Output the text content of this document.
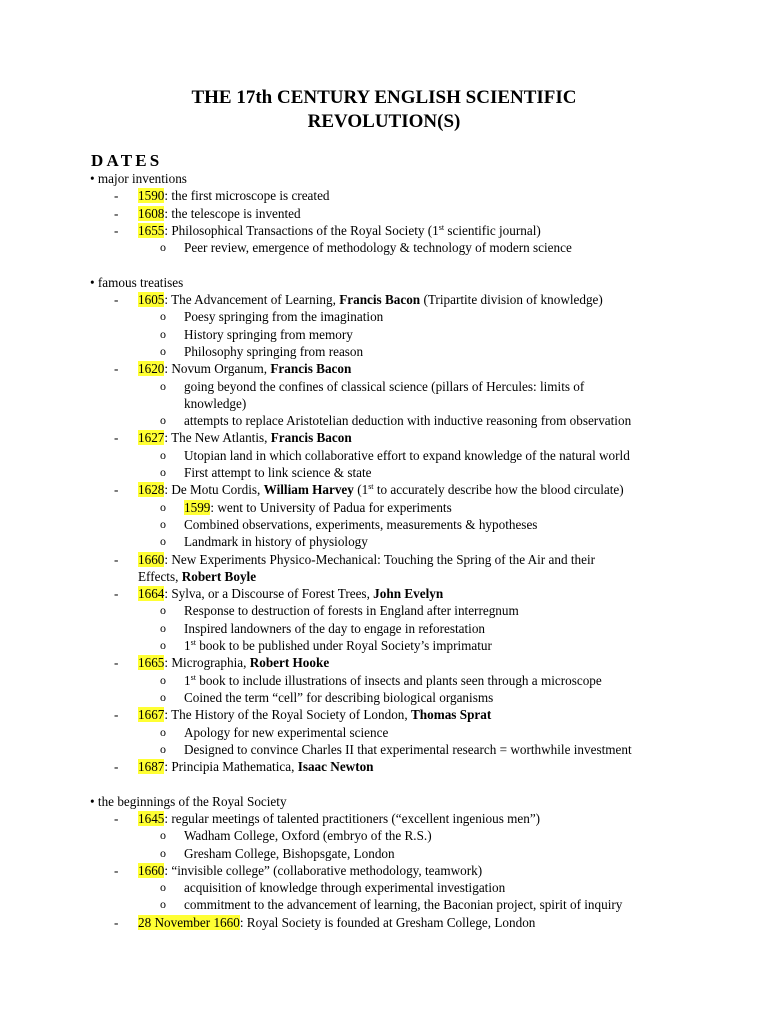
THE 17th CENTURY ENGLISH SCIENTIFIC
REVOLUTION(S)
DATES
• major inventions
- 1590: the first microscope is created
- 1608: the telescope is invented
- 1655: Philosophical Transactions of the Royal Society (1st scientific journal)
o Peer review, emergence of methodology & technology of modern science
• famous treatises
- 1605: The Advancement of Learning, Francis Bacon (Tripartite division of knowledge)
o Poesy springing from the imagination
o History springing from memory
o Philosophy springing from reason
- 1620: Novum Organum, Francis Bacon
o going beyond the confines of classical science (pillars of Hercules: limits of
knowledge)
o attempts to replace Aristotelian deduction with inductive reasoning from observation
- 1627: The New Atlantis, Francis Bacon
o Utopian land in which collaborative effort to expand knowledge of the natural world
o First attempt to link science & state
- 1628: De Motu Cordis, William Harvey (1st to accurately describe how the blood circulate)
o 1599: went to University of Padua for experiments
o Combined observations, experiments, measurements & hypotheses
o Landmark in history of physiology
- 1660: New Experiments Physico-Mechanical: Touching the Spring of the Air and their
Effects, Robert Boyle
- 1664: Sylva, or a Discourse of Forest Trees, John Evelyn
o Response to destruction of forests in England after interregnum
o Inspired landowners of the day to engage in reforestation
o 1st book to be published under Royal Society’s imprimatur
- 1665: Micrographia, Robert Hooke
o 1st book to include illustrations of insects and plants seen through a microscope
o Coined the term “cell” for describing biological organisms
- 1667: The History of the Royal Society of London, Thomas Sprat
o Apology for new experimental science
o Designed to convince Charles II that experimental research = worthwhile investment
- 1687: Principia Mathematica, Isaac Newton
• the beginnings of the Royal Society
- 1645: regular meetings of talented practitioners (“excellent ingenious men”)
o Wadham College, Oxford (embryo of the R.S.)
o Gresham College, Bishopsgate, London
- 1660: “invisible college” (collaborative methodology, teamwork)
o acquisition of knowledge through experimental investigation
o commitment to the advancement of learning, the Baconian project, spirit of inquiry
- 28 November 1660: Royal Society is founded at Gresham College, London
